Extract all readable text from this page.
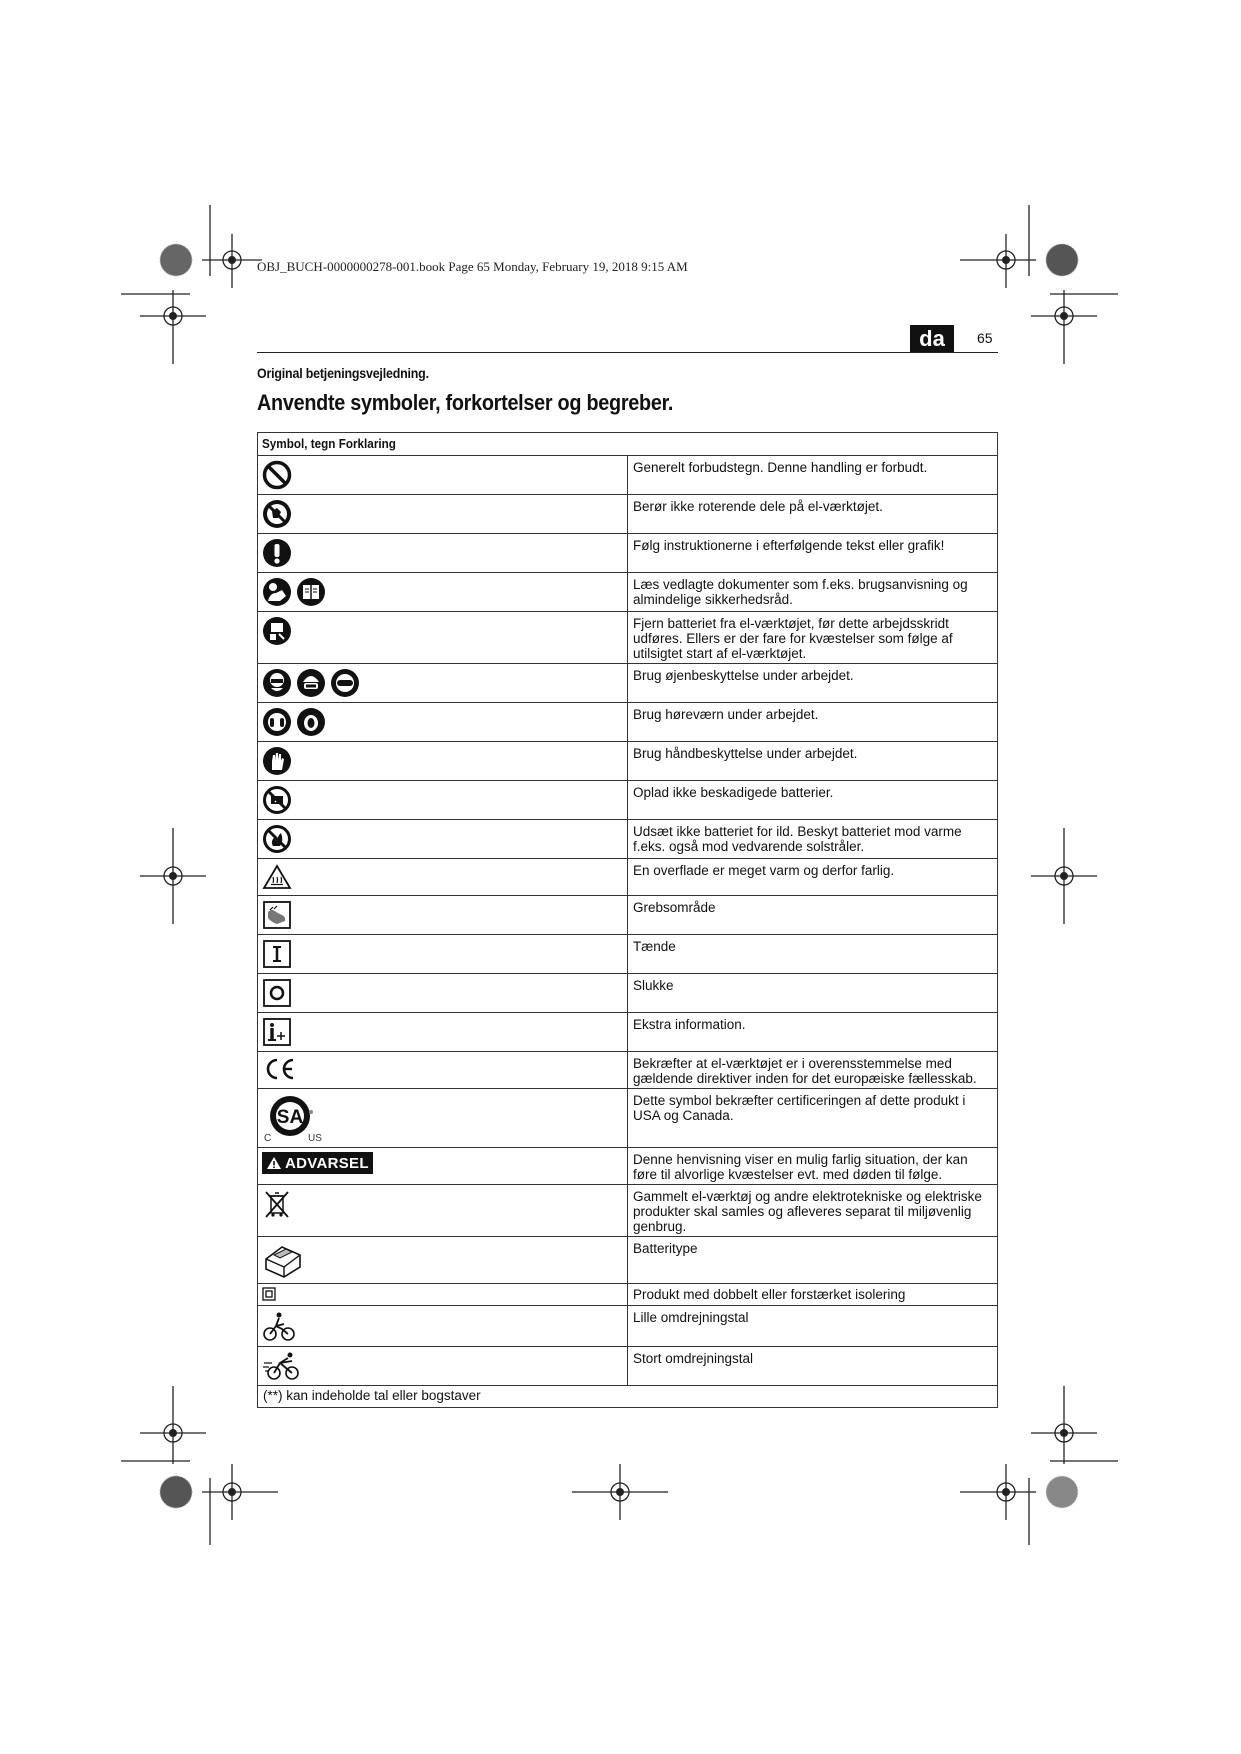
OBJ_BUCH-0000000278-001.book Page 65 Monday, February 19, 2018 9:15 AM
da	65
Original betjeningsvejledning.
Anvendte symboler, forkortelser og begreber.
Symbol, tegn Forklaring	

	Generelt forbudstegn. Denne handling er forbudt.

	Berør ikke roterende dele på el-værktøjet.

	Følg instruktionerne i efterfølgende tekst eller grafik!

	Læs vedlagte dokumenter som f.eks. brugsanvisning og almindelige sikkerhedsråd.

	Fjern batteriet fra el-værktøjet, før dette arbejdsskridt udføres. Ellers er der fare for kvæstelser som følge af utilsigtet start af el-værktøjet.

	Brug øjenbeskyttelse under arbejdet.

	Brug høreværn under arbejdet.

	Brug håndbeskyttelse under arbejdet.

	Oplad ikke beskadigede batterier.

	Udsæt ikke batteriet for ild. Beskyt batteriet mod varme f.eks. også mod vedvarende solstråler.

	En overflade er meget varm og derfor farlig.

	Grebsområde

	Tænde

	Slukke

	Ekstra information.

	Bekræfter at el-værktøjet er i overensstemmelse med gældende direktiver inden for det europæiske fællesskab.

SA
C US	Dette symbol bekræfter certificeringen af dette produkt i USA og Canada.

ADVARSEL	Denne henvisning viser en mulig farlig situation, der kan føre til alvorlige kvæstelser evt. med døden til følge.

	Gammelt el-værktøj og andre elektrotekniske og elektriske produkter skal samles og afleveres separat til miljøvenlig genbrug.

	Batteritype

	Produkt med dobbelt eller forstærket isolering

	Lille omdrejningstal

	Stort omdrejningstal
(**) kan indeholde tal eller bogstaver	
